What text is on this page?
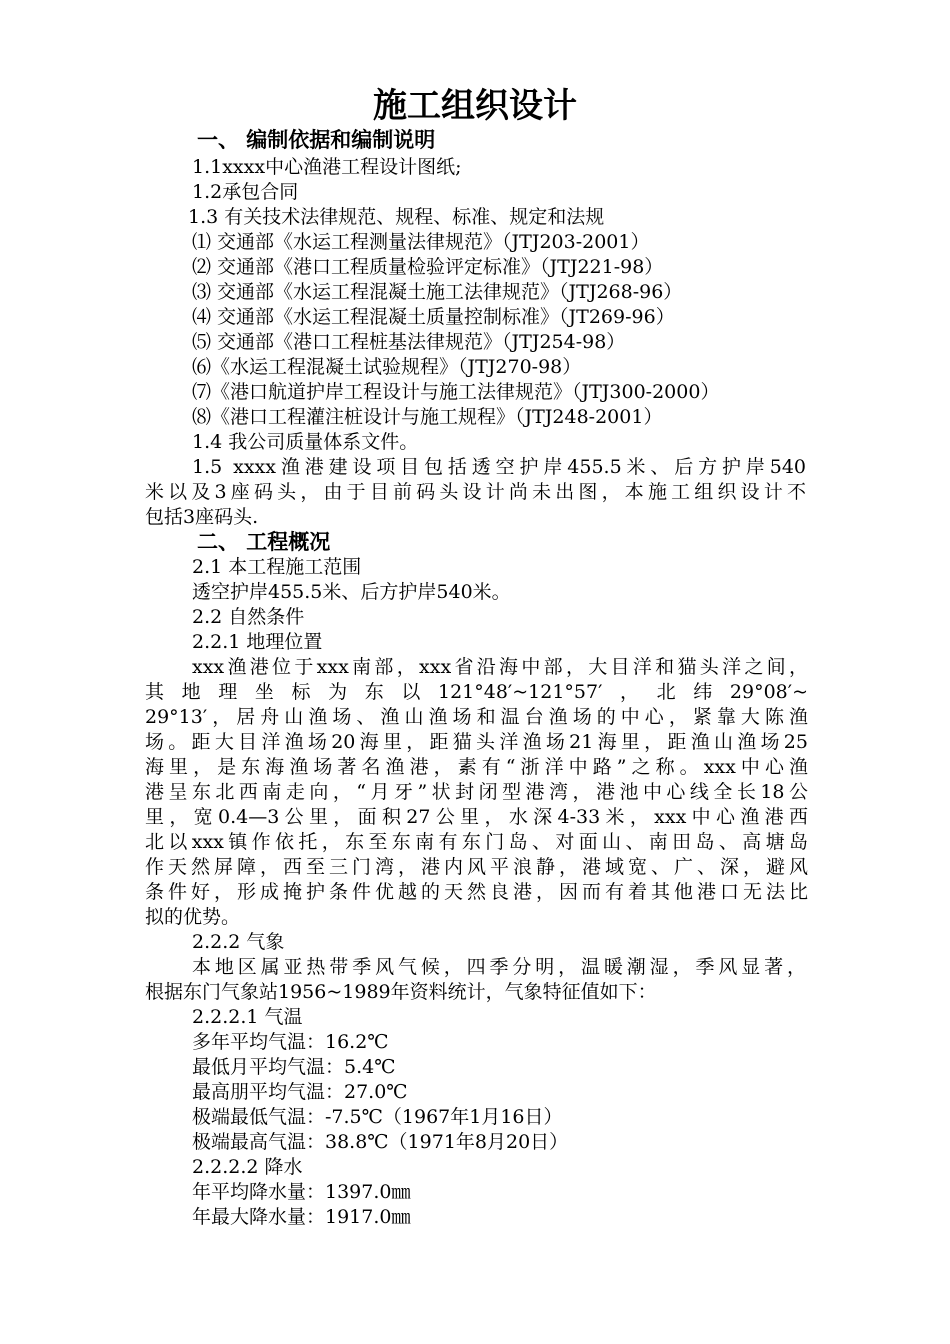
施工组织设计
一、 编制依据和编制说明
1.1xxxx中心渔港工程设计图纸;
1.2承包合同
1.3 有关技术法律规范、规程、标准、规定和法规
⑴ 交通部《水运工程测量法律规范》（JTJ203-2001）
⑵ 交通部《港口工程质量检验评定标准》（JTJ221-98）
⑶ 交通部《水运工程混凝土施工法律规范》（JTJ268-96）
⑷ 交通部《水运工程混凝土质量控制标准》（JT269-96）
⑸ 交通部《港口工程桩基法律规范》（JTJ254-98）
⑹《水运工程混凝土试验规程》（JTJ270-98）
⑺《港口航道护岸工程设计与施工法律规范》（JTJ300-2000）
⑻《港口工程灌注桩设计与施工规程》（JTJ248-2001）
1.4 我公司质量体系文件。
1.5 xxxx渔港建设项目包括透空护岸455.5米、后方护岸540
米以及3座码头，由于目前码头设计尚未出图，本施工组织设计不
包括3座码头.
二、 工程概况
2.1 本工程施工范围
透空护岸455.5米、后方护岸540米。
2.2 自然条件
2.2.1 地理位置
xxx渔港位于xxx南部，xxx省沿海中部，大目洋和猫头洋之间，
其地理坐标为东以121°48′~121°57′，北纬29°08′~
29°13′，居舟山渔场、渔山渔场和温台渔场的中心，紧靠大陈渔
场。距大目洋渔场20海里，距猫头洋渔场21海里，距渔山渔场25
海里，是东海渔场著名渔港，素有“浙洋中路”之称。xxx中心渔
港呈东北西南走向，“月牙”状封闭型港湾，港池中心线全长18公
里，宽0.4—3公里，面积27公里，水深4-33米，xxx中心渔港西
北以xxx镇作依托，东至东南有东门岛、对面山、南田岛、高塘岛
作天然屏障，西至三门湾，港内风平浪静，港域宽、广、深，避风
条件好，形成掩护条件优越的天然良港，因而有着其他港口无法比
拟的优势。
2.2.2 气象
本地区属亚热带季风气候，四季分明，温暖潮湿，季风显著，
根据东门气象站1956~1989年资料统计，气象特征值如下：
2.2.2.1 气温
多年平均气温：16.2℃
最低月平均气温：5.4℃
最高朋平均气温：27.0℃
极端最低气温：-7.5℃（1967年1月16日）
极端最高气温：38.8℃（1971年8月20日）
2.2.2.2 降水
年平均降水量：1397.0㎜
年最大降水量：1917.0㎜
